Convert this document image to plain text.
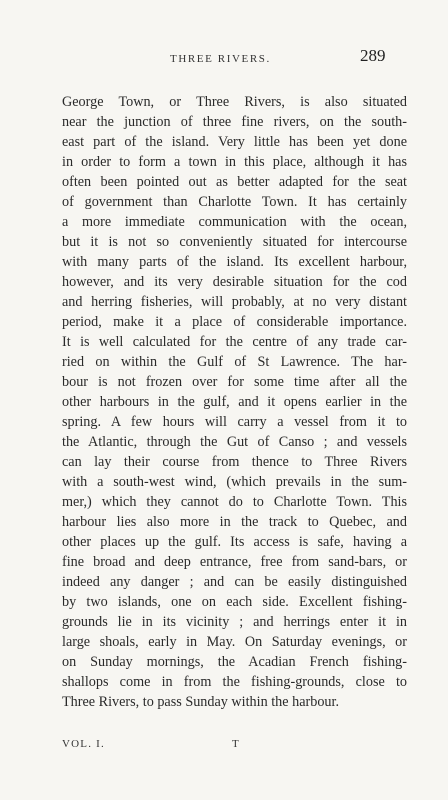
THREE RIVERS.	289
George Town, or Three Rivers, is also situated
near the junction of three fine rivers, on the south-
east part of the island. Very little has been yet done
in order to form a town in this place, although it has
often been pointed out as better adapted for the seat
of government than Charlotte Town. It has certainly
a more immediate communication with the ocean,
but it is not so conveniently situated for intercourse
with many parts of the island. Its excellent harbour,
however, and its very desirable situation for the cod
and herring fisheries, will probably, at no very distant
period, make it a place of considerable importance.
It is well calculated for the centre of any trade car-
ried on within the Gulf of St Lawrence. The har-
bour is not frozen over for some time after all the
other harbours in the gulf, and it opens earlier in the
spring. A few hours will carry a vessel from it to
the Atlantic, through the Gut of Canso ; and vessels
can lay their course from thence to Three Rivers
with a south-west wind, (which prevails in the sum-
mer,) which they cannot do to Charlotte Town. This
harbour lies also more in the track to Quebec, and
other places up the gulf. Its access is safe, having a
fine broad and deep entrance, free from sand-bars, or
indeed any danger ; and can be easily distinguished
by two islands, one on each side. Excellent fishing-
grounds lie in its vicinity ; and herrings enter it in
large shoals, early in May. On Saturday evenings, or
on Sunday mornings, the Acadian French fishing-
shallops come in from the fishing-grounds, close to
Three Rivers, to pass Sunday within the harbour.
VOL. I.	T
